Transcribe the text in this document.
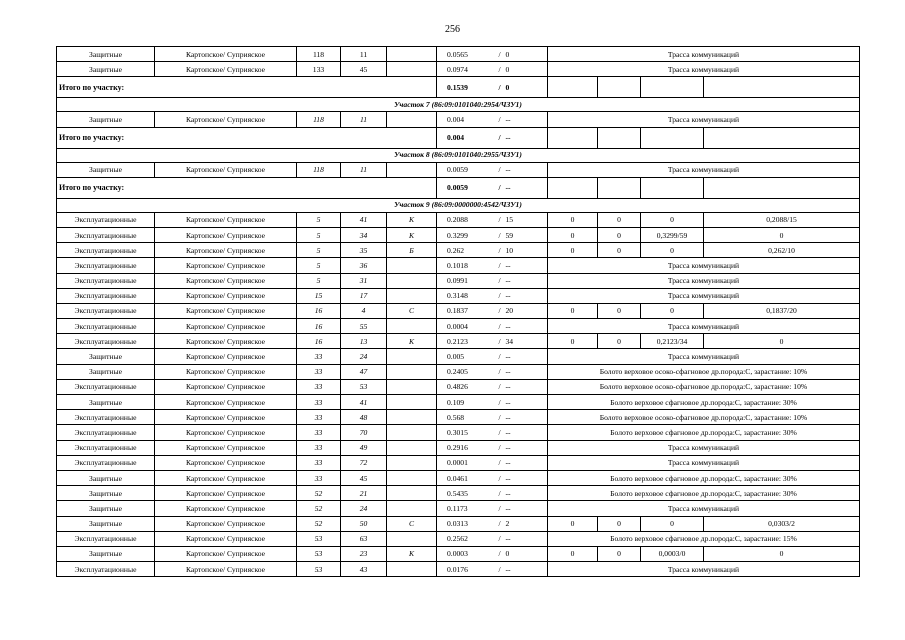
256
Защитные	Картопское/ Суприяское	118	11		0.0565	/ 0	Трасса коммуникаций			
Защитные	Картопское/ Суприяское	133	45		0.0974	/ 0	Трасса коммуникаций			
Итого по участку:					0.1539	/ 0				
Участок 7 (86:09:0101040:2954/ЧЗУ1)										
Защитные	Картопское/ Суприяское	118	11		0.004	/ --	Трасса коммуникаций			
Итого по участку:					0.004	/ --				
Участок 8 (86:09:0101040:2955/ЧЗУ1)										
Защитные	Картопское/ Суприяское	118	11		0.0059	/ --	Трасса коммуникаций			
Итого по участку:					0.0059	/ --				
Участок 9 (86:09:0000000:4542/ЧЗУ1)										
Эксплуатационные	Картопское/ Суприяское	5	41	К	0.2088	/ 15	0	0	0	0,2088/15
Эксплуатационные	Картопское/ Суприяское	5	34	К	0.3299	/ 59	0	0	0,3299/59	0
Эксплуатационные	Картопское/ Суприяское	5	35	Б	0.262	/ 10	0	0	0	0,262/10
Эксплуатационные	Картопское/ Суприяское	5	36		0.1018	/ --	Трасса коммуникаций			
Эксплуатационные	Картопское/ Суприяское	5	31		0.0991	/ --	Трасса коммуникаций			
Эксплуатационные	Картопское/ Суприяское	15	17		0.3148	/ --	Трасса коммуникаций			
Эксплуатационные	Картопское/ Суприяское	16	4	С	0.1837	/ 20	0	0	0	0,1837/20
Эксплуатационные	Картопское/ Суприяское	16	55		0.0004	/ --	Трасса коммуникаций			
Эксплуатационные	Картопское/ Суприяское	16	13	К	0.2123	/ 34	0	0	0,2123/34	0
Защитные	Картопское/ Суприяское	33	24		0.005	/ --	Трасса коммуникаций			
Защитные	Картопское/ Суприяское	33	47		0.2405	/ --	Болото верховое осоко-сфагновое др.порода:С, зарастание: 10%			
Эксплуатационные	Картопское/ Суприяское	33	53		0.4826	/ --	Болото верховое осоко-сфагновое др.порода:С, зарастание: 10%			
Защитные	Картопское/ Суприяское	33	41		0.109	/ --	Болото верховое сфагновое др.порода:С, зарастание: 30%			
Эксплуатационные	Картопское/ Суприяское	33	48		0.568	/ --	Болото верховое осоко-сфагновое др.порода:С, зарастание: 10%			
Эксплуатационные	Картопское/ Суприяское	33	70		0.3015	/ --	Болото верховое сфагновое др.порода:С, зарастание: 30%			
Эксплуатационные	Картопское/ Суприяское	33	49		0.2916	/ --	Трасса коммуникаций			
Эксплуатационные	Картопское/ Суприяское	33	72		0.0001	/ --	Трасса коммуникаций			
Защитные	Картопское/ Суприяское	33	45		0.0461	/ --	Болото верховое сфагновое др.порода:С, зарастание: 30%			
Защитные	Картопское/ Суприяское	52	21		0.5435	/ --	Болото верховое сфагновое др.порода:С, зарастание: 30%			
Защитные	Картопское/ Суприяское	52	24		0.1173	/ --	Трасса коммуникаций			
Защитные	Картопское/ Суприяское	52	50	С	0.0313	/ 2	0	0	0	0,0303/2
Эксплуатационные	Картопское/ Суприяское	53	63		0.2562	/ --	Болото верховое сфагновое др.порода:С, зарастание: 15%			
Защитные	Картопское/ Суприяское	53	23	К	0.0003	/ 0	0	0	0,0003/0	0
Эксплуатационные	Картопское/ Суприяское	53	43		0.0176	/ --	Трасса коммуникаций			
